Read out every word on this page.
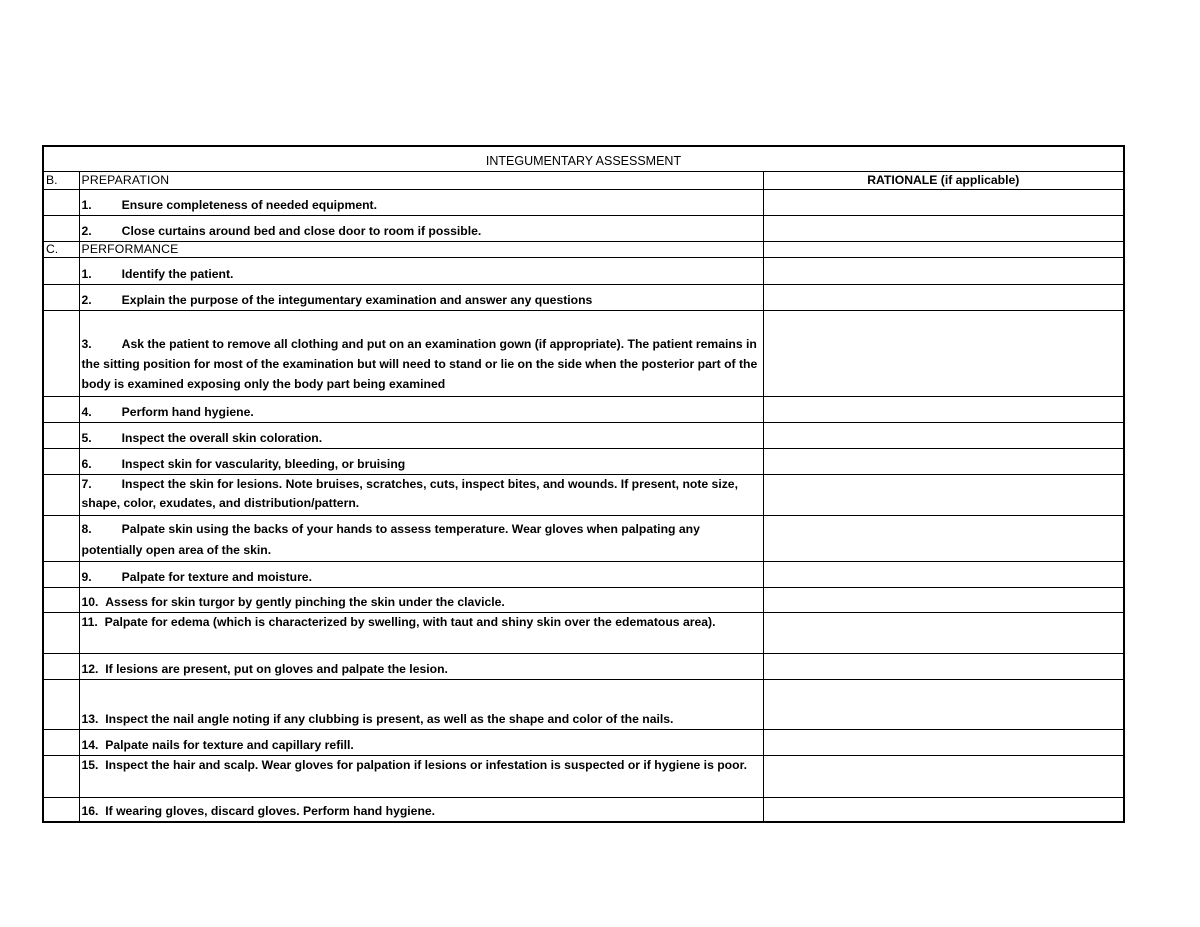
INTEGUMENTARY ASSESSMENT		
B.	PREPARATION	RATIONALE (if applicable)
	1. Ensure completeness of needed equipment.	
	2. Close curtains around bed and close door to room if possible.	
C.	PERFORMANCE	
	1. Identify the patient.	
	2. Explain the purpose of the integumentary examination and answer any questions	
	3. Ask the patient to remove all clothing and put on an examination gown (if appropriate). The patient remains in the sitting position for most of the examination but will need to stand or lie on the side when the posterior part of the body is examined exposing only the body part being examined	
	4. Perform hand hygiene.	
	5. Inspect the overall skin coloration.	
	6. Inspect skin for vascularity, bleeding, or bruising	
	7. Inspect the skin for lesions. Note bruises, scratches, cuts, inspect bites, and wounds. If present, note size, shape, color, exudates, and distribution/pattern.	
	8. Palpate skin using the backs of your hands to assess temperature. Wear gloves when palpating any potentially open area of the skin.	
	9. Palpate for texture and moisture.	
	10. Assess for skin turgor by gently pinching the skin under the clavicle.	
	11. Palpate for edema (which is characterized by swelling, with taut and shiny skin over the edematous area).	
	12. If lesions are present, put on gloves and palpate the lesion.	
	13. Inspect the nail angle noting if any clubbing is present, as well as the shape and color of the nails.	
	14. Palpate nails for texture and capillary refill.	
	15. Inspect the hair and scalp. Wear gloves for palpation if lesions or infestation is suspected or if hygiene is poor.	
	16. If wearing gloves, discard gloves. Perform hand hygiene.	
